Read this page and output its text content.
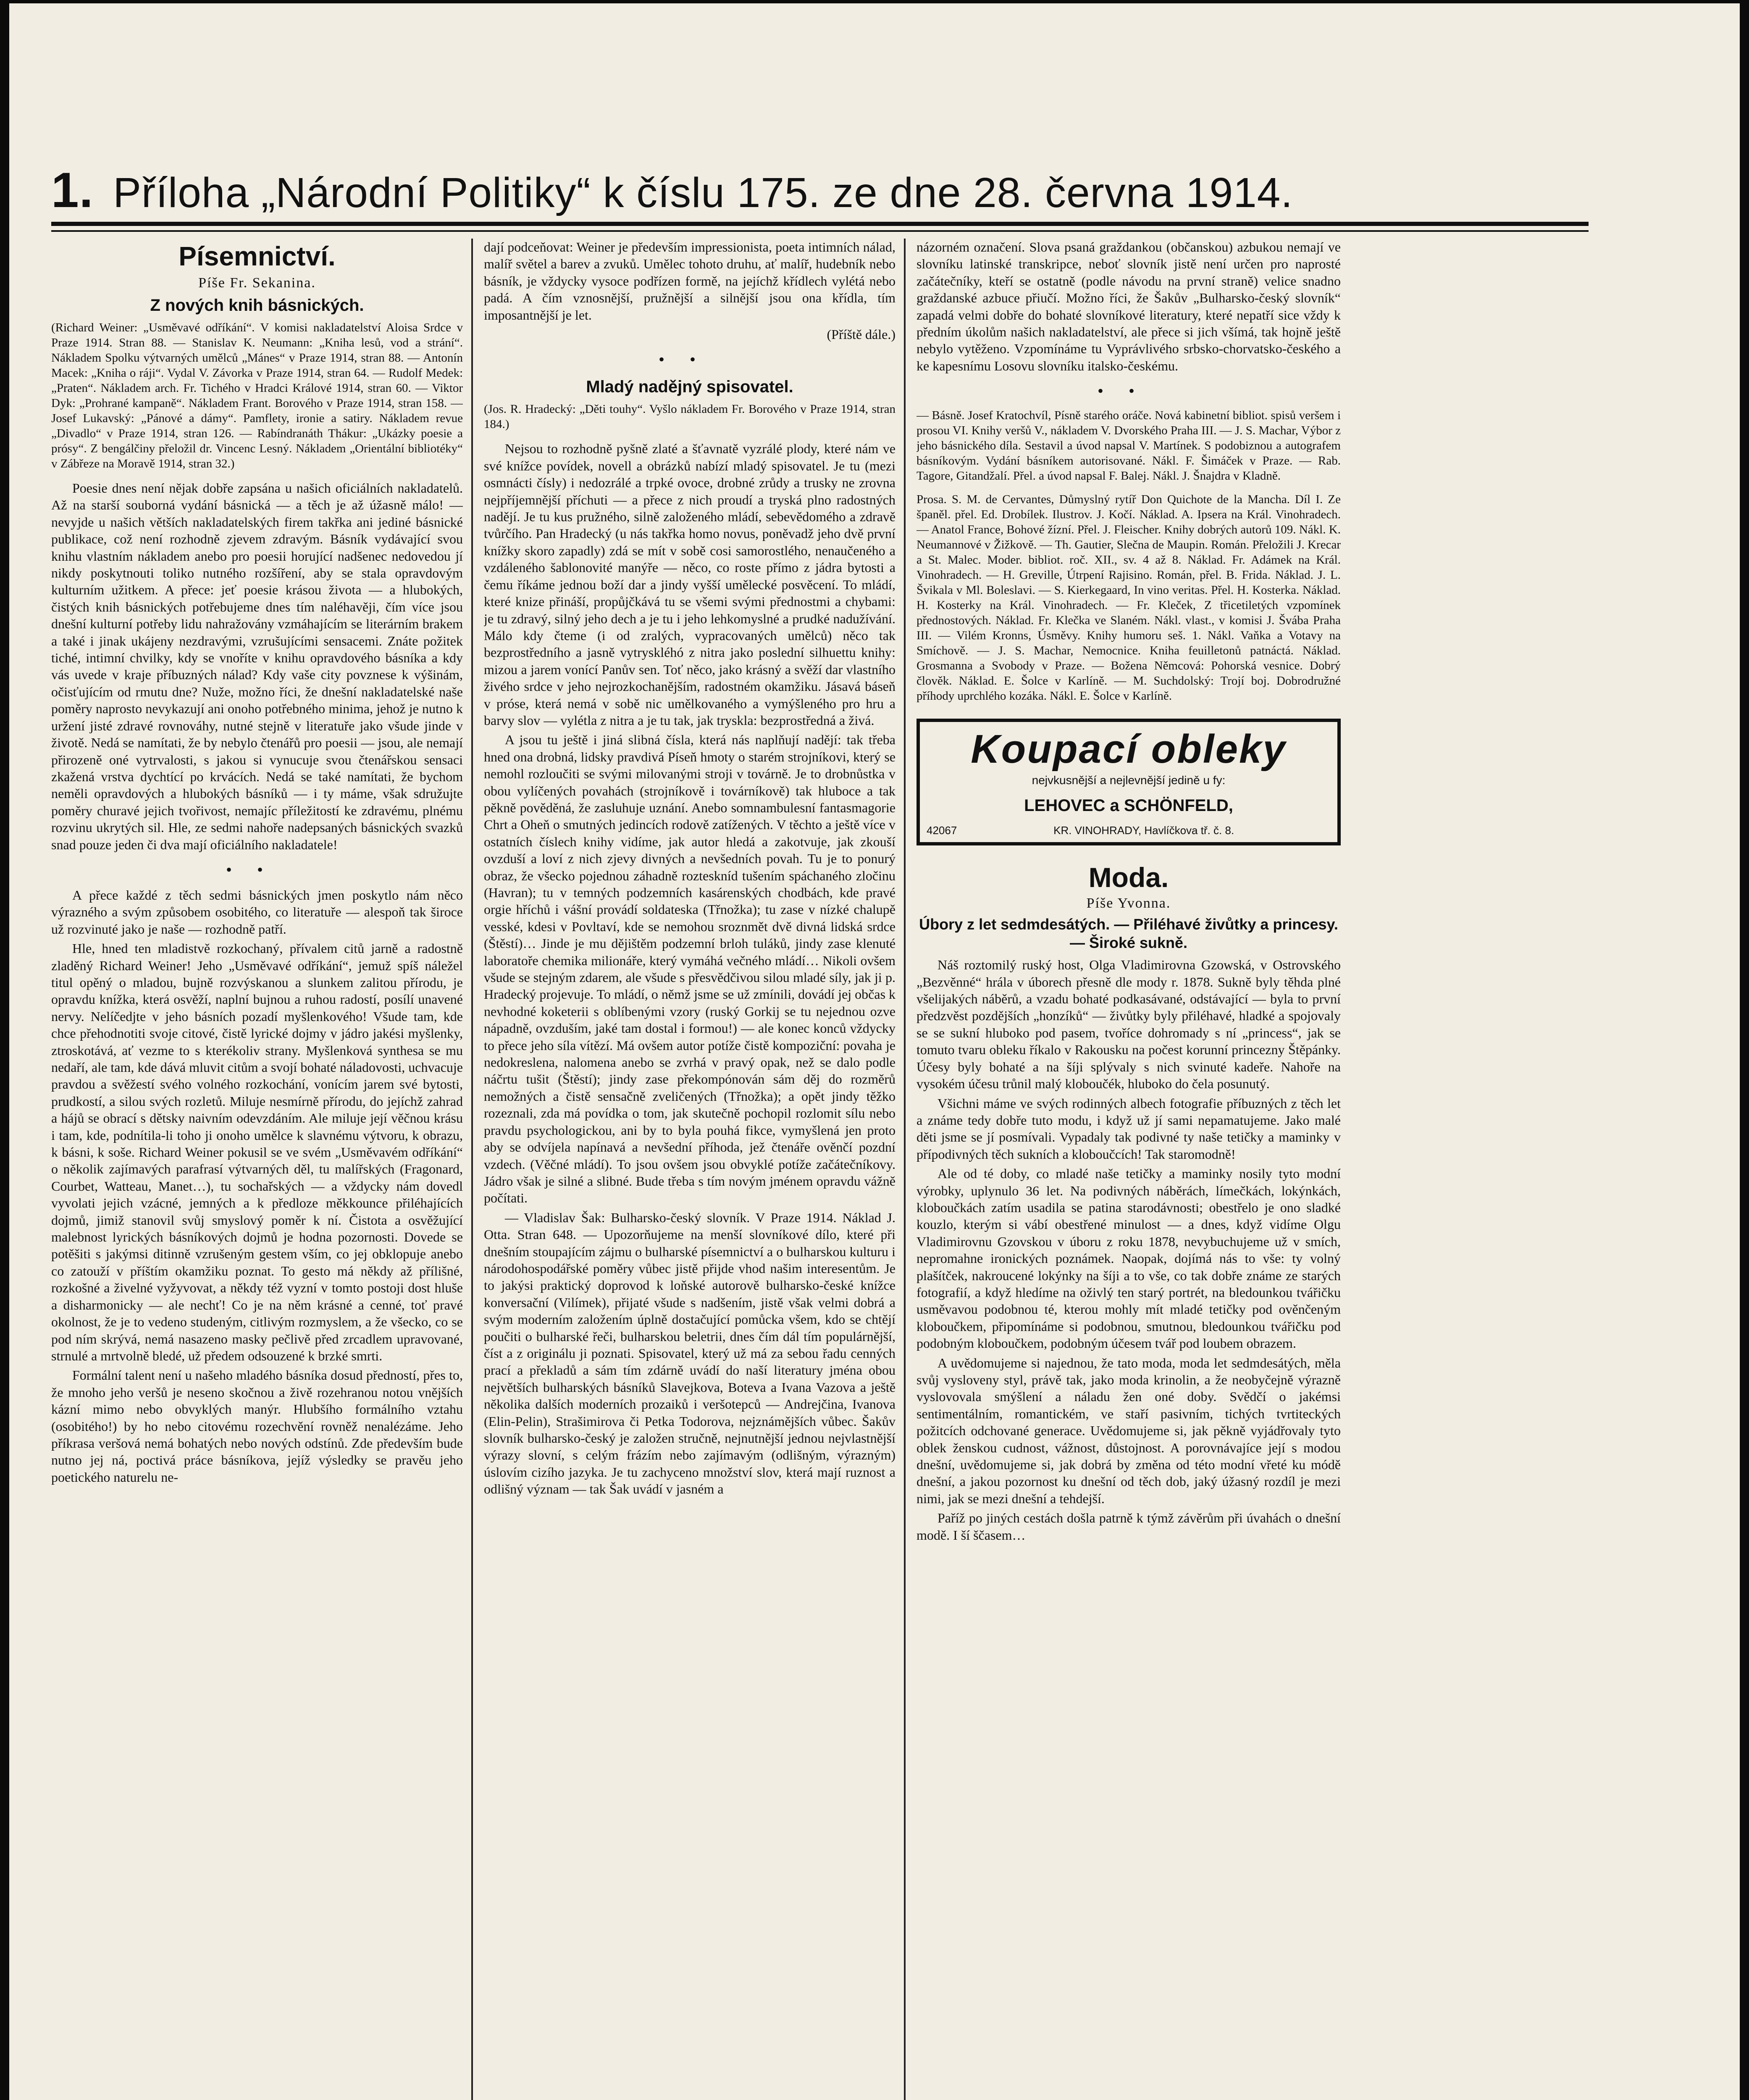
1. Příloha „Národní Politiky“ k číslu 175. ze dne 28. června 1914.
Písemnictví.
Píše Fr. Sekanina.
Z nových knih básnických.
(Richard Weiner: „Usměvavé odříkání“. V komisi nakladatelství Aloisa Srdce v Praze 1914. Stran 88. — Stanislav K. Neumann: „Kniha lesů, vod a strání“. Nákladem Spolku výtvarných umělců „Mánes“ v Praze 1914, stran 88. — Antonín Macek: „Kniha o ráji“. Vydal V. Závorka v Praze 1914, stran 64. — Rudolf Medek: „Praten“. Nákladem arch. Fr. Tichého v Hradci Králové 1914, stran 60. — Viktor Dyk: „Prohrané kampaně“. Nákladem Frant. Borového v Praze 1914, stran 158. — Josef Lukavský: „Pánové a dámy“. Pamflety, ironie a satiry. Nákladem revue „Divadlo“ v Praze 1914, stran 126. — Rabíndranáth Thákur: „Ukázky poesie a prósy“. Z bengálčiny přeložil dr. Vincenc Lesný. Nákladem „Orientální bibliotéky“ v Zábřeze na Moravě 1914, stran 32.)

Poesie dnes není nějak dobře zapsána u našich oficiálních nakladatelů. Až na starší souborná vydání básnická — a těch je až úžasně málo! — nevyjde u našich větších nakladatelských firem takřka ani jediné básnické publikace, což není rozhodně zjevem zdravým. Básník vydávající svou knihu vlastním nákladem anebo pro poesii horující nadšenec nedovedou jí nikdy poskytnouti toliko nutného rozšíření, aby se stala opravdovým kulturním užitkem. A přece: jeť poesie krásou života — a hlubokých, čistých knih básnických potřebujeme dnes tím naléhavěji, čím více jsou dnešní kulturní potřeby lidu nahražovány vzmáhajícím se literárním brakem a také i jinak ukájeny nezdravými, vzrušujícími sensacemi. Znáte požitek tiché, intimní chvilky, kdy se vnoříte v knihu opravdového básníka a kdy vás uvede v kraje příbuzných nálad? Kdy vaše city povznese k výšinám, očisťujícím od rmutu dne? Nuže, možno říci, že dnešní nakladatelské naše poměry naprosto nevykazují ani onoho potřebného minima, jehož je nutno k uržení jisté zdravé rovnováhy, nutné stejně v literatuře jako všude jinde v životě. Nedá se namítati, že by nebylo čtenářů pro poesii — jsou, ale nemají přirozeně oné vytrvalosti, s jakou si vynucuje svou čtenářskou sensaci zkažená vrstva dychtící po krvácích. Nedá se také namítati, že bychom neměli opravdových a hlubokých básníků — i ty máme, však sdružujte poměry churavé jejich tvořivost, nemajíc příležitostí ke zdravému, plnému rozvinu ukrytých sil. Hle, ze sedmi nahoře nadepsaných básnických svazků snad pouze jeden či dva mají oficiálního nakladatele!

••

A přece každé z těch sedmi básnických jmen poskytlo nám něco výrazného a svým způsobem osobitého, co literatuře — alespoň tak široce už rozvinuté jako je naše — rozhodně patří.

Hle, hned ten mladistvě rozkochaný, přívalem citů jarně a radostně zladěný Richard Weiner! Jeho „Usměvavé odříkání“, jemuž spíš náležel titul opěný o mladou, bujně rozvýskanou a slunkem zalitou přírodu, je opravdu knížka, která osvěží, naplní bujnou a ruhou radostí, posílí unavené nervy. Nelíčedjte v jeho básních pozadí myšlenkového! Všude tam, kde chce přehodnotiti svoje citové, čistě lyrické dojmy v jádro jakési myšlenky, ztroskotává, ať vezme to s kterékoliv strany. Myšlenková synthesa se mu nedaří, ale tam, kde dává mluvit citům a svojí bohaté náladovosti, uchvacuje pravdou a svěžestí svého volného rozkochání, vonícím jarem své bytosti, prudkostí, a silou svých rozletů. Miluje nesmírně přírodu, do jejíchž zahrad a hájů se obrací s dětsky naivním odevzdáním. Ale miluje její věčnou krásu i tam, kde, podnítila-li toho ji onoho umělce k slavnému výtvoru, k obrazu, k básni, k soše. Richard Weiner pokusil se ve svém „Usměvavém odříkání“ o několik zajímavých parafrasí výtvarných děl, tu malířských (Fragonard, Courbet, Watteau, Manet…), tu sochařských — a vždycky nám dovedl vyvolati jejich vzácné, jemných a k předloze měkkounce přiléhajících dojmů, jimiž stanovil svůj smyslový poměr k ní. Čistota a osvěžující malebnost lyrických básníkových dojmů je hodna pozornosti. Dovede se potěšiti s jakýmsi ditinně vzrušeným gestem vším, co jej obklopuje anebo co zatouží v příštím okamžiku poznat. To gesto má někdy až přílišné, rozkošné a živelné vyžyvovat, a někdy též vyzní v tomto postoji dost hluše a disharmonicky — ale nechť! Co je na něm krásné a cenné, toť pravé okolnost, že je to vedeno studeným, citlivým rozmyslem, a že všecko, co se pod ním skrývá, nemá nasazeno masky pečlivě před zrcadlem upravované, strnulé a mrtvolně bledé, už předem odsouzené k brzké smrti.

Formální talent není u našeho mladého básníka dosud předností, přes to, že mnoho jeho veršů je neseno skočnou a živě rozehranou notou vnějších kázní mimo nebo obvyklých manýr. Hlubšího formálního vztahu (osobitého!) by ho nebo citovému rozechvění rovněž nenalézáme. Jeho příkrasa veršová nemá bohatých nebo nových odstínů. Zde především bude nutno jej ná, poctivá práce básníkova, jejíž výsledky se pravěu jeho poetického naturelu ne-

dají podceňovat: Weiner je především impressionista, poeta intimních nálad, malíř světel a barev a zvuků. Umělec tohoto druhu, ať malíř, hudebník nebo básník, je vždycky vysoce podřízen formě, na jejíchž křídlech vylétá nebo padá. A čím vznosnější, pružnější a silnější jsou ona křídla, tím imposantnější je let.

(Příště dále.)

••
Mladý nadějný spisovatel.
(Jos. R. Hradecký: „Děti touhy“. Vyšlo nákladem Fr. Borového v Praze 1914, stran 184.)

Nejsou to rozhodně pyšně zlaté a šťavnatě vyzrálé plody, které nám ve své knížce povídek, novell a obrázků nabízí mladý spisovatel. Je tu (mezi osmnácti čísly) i nedozrálé a trpké ovoce, drobné zrůdy a trusky ne zrovna nejpříjemnější příchuti — a přece z nich proudí a tryská plno radostných nadějí. Je tu kus pružného, silně založeného mládí, sebevědomého a zdravě tvůrčího. Pan Hradecký (u nás takřka homo novus, poněvadž jeho dvě první knížky skoro zapadly) zdá se mít v sobě cosi samorostlého, nenaučeného a vzdáleného šablonovité manýře — něco, co roste přímo z jádra bytosti a čemu říkáme jednou boží dar a jindy vyšší umělecké posvěcení. To mládí, které knize přináší, propůjčkává tu se všemi svými přednostmi a chybami: je tu zdravý, silný jeho dech a je tu i jeho lehkomyslné a prudké nadužívání. Málo kdy čteme (i od zralých, vypracovaných umělců) něco tak bezprostředního a jasně vytryskléhó z nitra jako poslední silhuettu knihy: mizou a jarem vonící Panův sen. Toť něco, jako krásný a svěží dar vlastního živého srdce v jeho nejrozkochanějším, radostném okamžiku. Jásavá báseň v próse, která nemá v sobě nic umělkovaného a vymýšleného pro hru a barvy slov — vylétla z nitra a je tu tak, jak tryskla: bezprostředná a živá.

A jsou tu ještě i jiná slibná čísla, která nás naplňují nadějí: tak třeba hned ona drobná, lidsky pravdivá Píseň hmoty o starém strojníkovi, který se nemohl rozloučiti se svými milovanými stroji v továrně. Je to drobnůstka v obou vylíčených povahách (strojníkově i továrníkově) tak hluboce a tak pěkně pověděná, že zasluhuje uznání. Anebo somnambulesní fantasmagorie Chrt a Oheň o smutných jedincích rodově zatížených. V těchto a ještě více v ostatních číslech knihy vidíme, jak autor hledá a zakotvuje, jak zkouší ovzduší a loví z nich zjevy divných a nevšedních povah. Tu je to ponurý obraz, že všecko pojednou záhadně rozteskníd tušením spáchaného zločinu (Havran); tu v temných podzemních kasárenských chodbách, kde pravé orgie hříchů i vášní provádí soldateska (Třnožka); tu zase v nízké chalupě vesské, kdesi v Povltaví, kde se nemohou sroznmět dvě divná lidská srdce (Štěstí)… Jinde je mu dějištěm podzemní brloh tuláků, jindy zase klenuté laboratoře chemika milionáře, který vymáhá večného mládí… Nikoli ovšem všude se stejným zdarem, ale všude s přesvědčivou silou mladé síly, jak ji p. Hradecký projevuje. To mládí, o němž jsme se už zmínili, dovádí jej občas k nevhodné koketerii s oblíbenými vzory (ruský Gorkij se tu nejednou ozve nápadně, ovzduším, jaké tam dostal i formou!) — ale konec konců vždycky to přece jeho síla vítězí. Má ovšem autor potíže čistě kompoziční: povaha je nedokreslena, nalomena anebo se zvrhá v pravý opak, než se dalo podle náčrtu tušit (Štěstí); jindy zase překompónován sám děj do rozměrů nemožných a čistě sensačně zveličených (Třnožka); a opět jindy těžko rozeznali, zda má povídka o tom, jak skutečně pochopil rozlomit sílu nebo pravdu psychologickou, ani by to byla pouhá fikce, vymyšlená jen proto aby se odvíjela napínavá a nevšední příhoda, jež čtenáře ověnčí pozdní vzdech. (Věčné mládí). To jsou ovšem jsou obvyklé potíže začátečníkovy. Jádro však je silné a slibné. Bude třeba s tím novým jménem opravdu vážně počítati.

— Vladislav Šak: Bulharsko-český slovník. V Praze 1914. Náklad J. Otta. Stran 648. — Upozorňujeme na menší slovníkové dílo, které při dnešním stoupajícím zájmu o bulharské písemnictví a o bulharskou kulturu i národohospodářské poměry vůbec jistě přijde vhod našim interesentům. Je to jakýsi praktický doprovod k loňské autorově bulharsko-české knížce konversační (Vilímek), přijaté všude s nadšením, jistě však velmi dobrá a svým moderním založením úplně dostačující pomůcka všem, kdo se chtějí poučiti o bulharské řeči, bulharskou beletrii, dnes čím dál tím populárnější, číst a z originálu ji poznati. Spisovatel, který už má za sebou řadu cenných prací a překladů a sám tím zdárně uvádí do naší literatury jména obou největších bulharských básníků Slavejkova, Boteva a Ivana Vazova a ještě několika dalších moderních prozaiků i veršotepců — Andrejčina, Ivanova (Elin-Pelin), Strašimirova či Petka Todorova, nejznámějších vůbec. Šakův slovník bulharsko-český je založen stručně, nejnutnější jednou nejvlastnější výrazy slovní, s celým frázím nebo zajímavým (odlišným, výrazným) úslovím cizího jazyka. Je tu zachyceno množství slov, která mají ruznost a odlišný význam — tak Šak uvádí v jasném a

názorném označení. Slova psaná graždankou (občanskou) azbukou nemají ve slovníku latinské transkripce, neboť slovník jistě není určen pro naprosté začátečníky, kteří se ostatně (podle návodu na první straně) velice snadno graždanské azbuce přiučí. Možno říci, že Šakův „Bulharsko-český slovník“ zapadá velmi dobře do bohaté slovníkové literatury, které nepatří sice vždy k předním úkolům našich nakladatelství, ale přece si jich všímá, tak hojně ještě nebylo vytěženo. Vzpomínáme tu Vyprávlivého srbsko-chorvatsko-českého a ke kapesnímu Losovu slovníku italsko-českému.

••
— Básně. Josef Kratochvíl, Písně starého oráče. Nová kabinetní bibliot. spisů veršem i prosou VI. Knihy veršů V., nákladem V. Dvorského Praha III. — J. S. Machar, Výbor z jeho básnického díla. Sestavil a úvod napsal V. Martínek. S podobiznou a autografem básníkovým. Vydání básníkem autorisované. Nákl. F. Šimáček v Praze. — Rab. Tagore, Gitandžalí. Přel. a úvod napsal F. Balej. Nákl. J. Šnajdra v Kladně.
Prosa. S. M. de Cervantes, Důmyslný rytíř Don Quichote de la Mancha. Díl I. Ze španěl. přel. Ed. Drobílek. Ilustrov. J. Kočí. Náklad. A. Ipsera na Král. Vinohradech. — Anatol France, Bohové žízní. Přel. J. Fleischer. Knihy dobrých autorů 109. Nákl. K. Neumannové v Žižkově. — Th. Gautier, Slečna de Maupin. Román. Přeložili J. Krecar a St. Malec. Moder. bibliot. roč. XII., sv. 4 až 8. Náklad. Fr. Adámek na Král. Vinohradech. — H. Greville, Útrpení Rajisino. Román, přel. B. Frida. Náklad. J. L. Švikala v Ml. Boleslavi. — S. Kierkegaard, In vino veritas. Přel. H. Kosterka. Náklad. H. Kosterky na Král. Vinohradech. — Fr. Kleček, Z třicetiletých vzpomínek přednostových. Náklad. Fr. Klečka ve Slaném. Nákl. vlast., v komisi J. Švába Praha III. — Vilém Kronns, Úsměvy. Knihy humoru seš. 1. Nákl. Vaňka a Votavy na Smíchově. — J. S. Machar, Nemocnice. Kniha feuilletonů patnáctá. Náklad. Grosmanna a Svobody v Praze. — Božena Němcová: Pohorská vesnice. Dobrý člověk. Náklad. E. Šolce v Karlíně. — M. Suchdolský: Trojí boj. Dobrodružné příhody uprchlého kozáka. Nákl. E. Šolce v Karlíně.
Koupací obleky
nejvkusnější a nejlevnější jedině u fy:
LEHOVEC a SCHÖNFELD,
42067	KR. VINOHRADY, Havlíčkova tř. č. 8.
Moda.
Píše Yvonna.
Úbory z let sedmdesátých. — Přiléhavé živůtky a princesy. — Široké sukně.

Náš roztomilý ruský host, Olga Vladimirovna Gzowská, v Ostrovského „Bezvěnné“ hrála v úborech přesně dle mody r. 1878. Sukně byly těhda plné všelijakých náběrů, a vzadu bohaté podkasávané, odstávající — byla to první předzvěst pozdějších „honzíků“ — živůtky byly přiléhavé, hladké a spojovaly se se sukní hluboko pod pasem, tvoříce dohromady s ní „princess“, jak se tomuto tvaru obleku říkalo v Rakousku na počest korunní princezny Štěpánky. Účesy byly bohaté a na šíji splývaly s nich svinuté kadeře. Nahoře na vysokém účesu trůnil malý kloboučék, hluboko do čela posunutý.

Všichni máme ve svých rodinných albech fotografie příbuzných z těch let a známe tedy dobře tuto modu, i když už jí sami nepamatujeme. Jako malé děti jsme se jí posmívali. Vypadaly tak podivné ty naše tetičky a maminky v přípodivných těch sukních a kloboučcích! Tak staromodně!

Ale od té doby, co mladé naše tetičky a maminky nosily tyto modní výrobky, uplynulo 36 let. Na podivných náběrách, límečkách, lokýnkách, kloboučkách zatím usadila se patina starodávnosti; obestřelo je ono sladké kouzlo, kterým si vábí obestřené minulost — a dnes, když vidíme Olgu Vladimirovnu Gzovskou v úboru z roku 1878, nevybuchujeme už v smích, nepromahne ironických poznámek. Naopak, dojímá nás to vše: ty volný plašítček, nakroucené lokýnky na šíji a to vše, co tak dobře známe ze starých fotografií, a když hledíme na oživlý ten starý portrét, na bledounkou tvářičku usměvavou podobnou té, kterou mohly mít mladé tetičky pod ověnčeným kloboučkem, připomínáme si podobnou, smutnou, bledounkou tvářičku pod podobným kloboučkem, podobným účesem tvář pod loubem obrazem.

A uvědomujeme si najednou, že tato moda, moda let sedmdesátých, měla svůj vysloveny styl, právě tak, jako moda krinolin, a že neobyčejně výrazně vyslovovala smýšlení a náladu žen oné doby. Svědčí o jakémsi sentimentálním, romantickém, ve staří pasivním, tichých tvrtiteckých požitcích odchované generace. Uvědomujeme si, jak pěkně vyjádřovaly tyto oblek ženskou cudnost, vážnost, důstojnost. A porovnávajíce její s modou dnešní, uvědomujeme si, jak dobrá by změna od této modní vřeté ku módě dnešní, a jakou pozornost ku dnešní od těch dob, jaký úžasný rozdíl je mezi nimi, jak se mezi dnešní a tehdejší.

Paříž po jiných cestách došla patrně k týmž závěrům při úvahách o dnešní modě. I ší ščasem…
